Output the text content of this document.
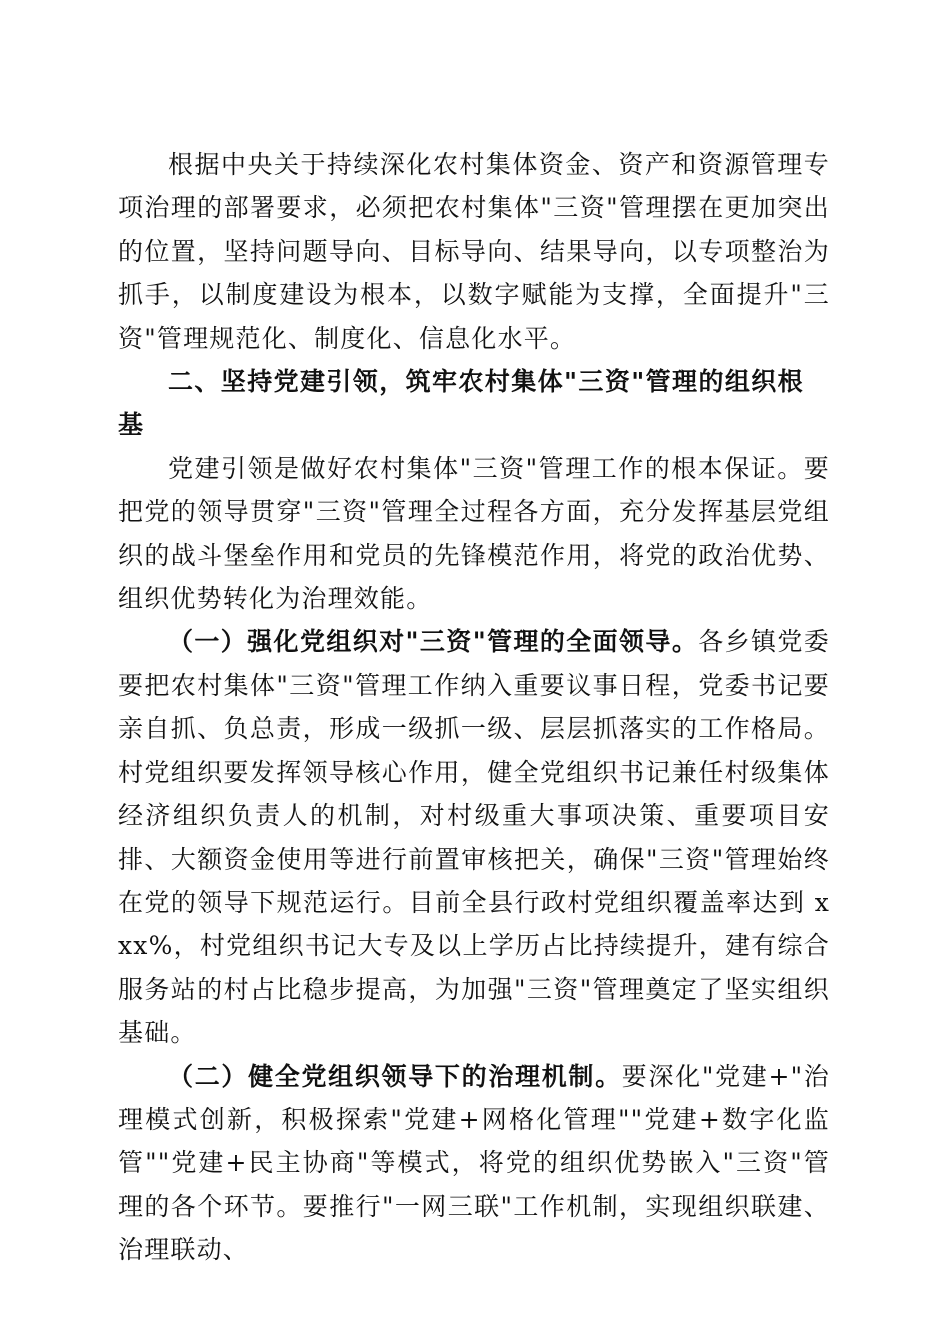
根据中央关于持续深化农村集体资金、资产和资源管理专项治理的部署要求，必须把农村集体"三资"管理摆在更加突出的位置，坚持问题导向、目标导向、结果导向，以专项整治为抓手，以制度建设为根本，以数字赋能为支撑，全面提升"三资"管理规范化、制度化、信息化水平。

二、坚持党建引领，筑牢农村集体"三资"管理的组织根基

党建引领是做好农村集体"三资"管理工作的根本保证。要把党的领导贯穿"三资"管理全过程各方面，充分发挥基层党组织的战斗堡垒作用和党员的先锋模范作用，将党的政治优势、组织优势转化为治理效能。

（一）强化党组织对"三资"管理的全面领导。各乡镇党委要把农村集体"三资"管理工作纳入重要议事日程，党委书记要亲自抓、负总责，形成一级抓一级、层层抓落实的工作格局。村党组织要发挥领导核心作用，健全党组织书记兼任村级集体经济组织负责人的机制，对村级重大事项决策、重要项目安排、大额资金使用等进行前置审核把关，确保"三资"管理始终在党的领导下规范运行。目前全县行政村党组织覆盖率达到 xxx%，村党组织书记大专及以上学历占比持续提升，建有综合服务站的村占比稳步提高，为加强"三资"管理奠定了坚实组织基础。

（二）健全党组织领导下的治理机制。要深化"党建+"治理模式创新，积极探索"党建+网格化管理""党建+数字化监管""党建+民主协商"等模式，将党的组织优势嵌入"三资"管理的各个环节。要推行"一网三联"工作机制，实现组织联建、治理联动、
